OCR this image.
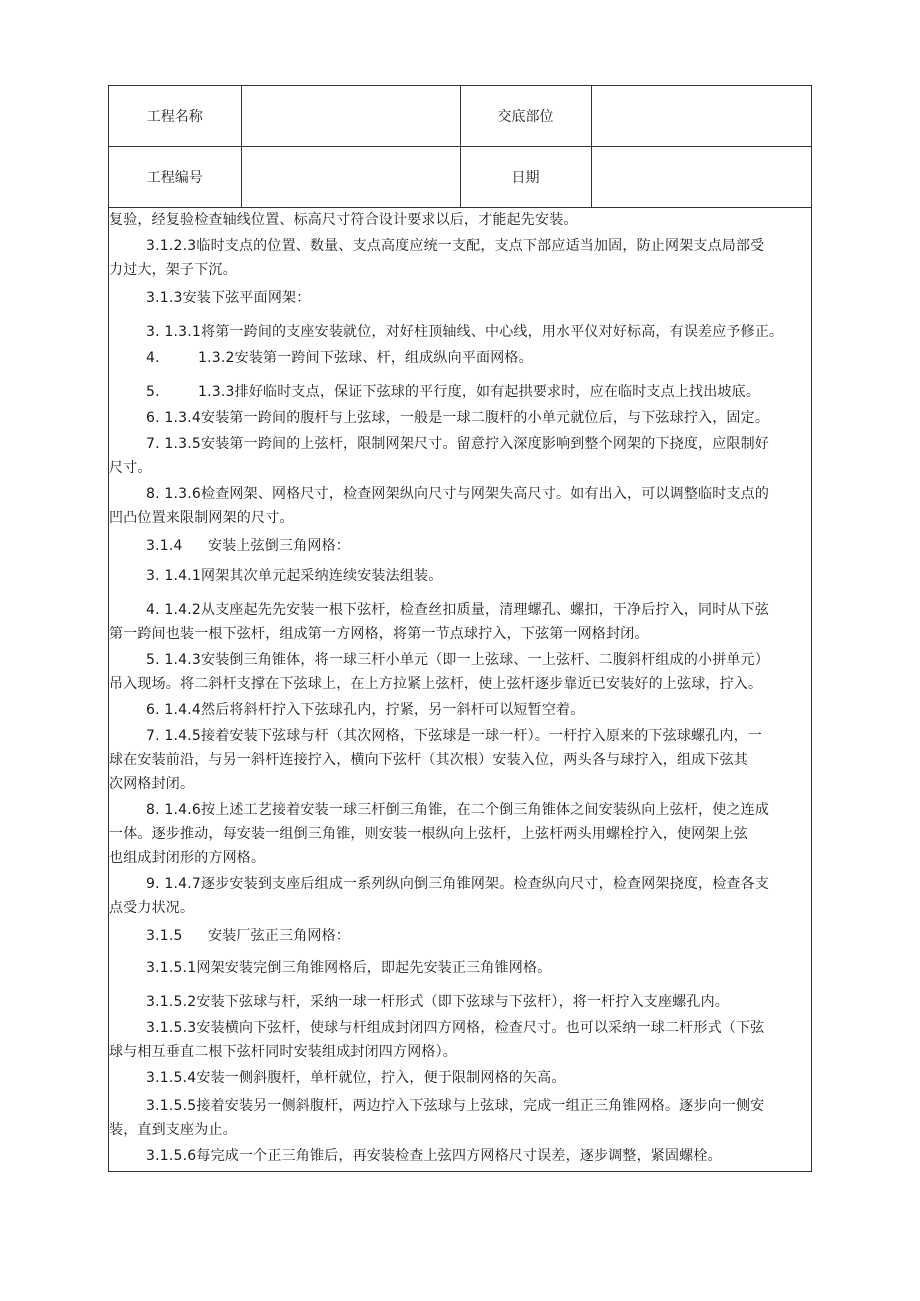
工程名称		交底部位	
工程编号		日期	
复验，经复验检查轴线位置、标高尺寸符合设计要求以后，才能起先安装。
3.1.2.3临时支点的位置、数量、支点高度应统一支配，支点下部应适当加固，防止网架支点局部受
力过大，架子下沉。
3.1.3安装下弦平面网架：
3. 1.3.1将第一跨间的支座安装就位，对好柱顶轴线、中心线，用水平仪对好标高，有误差应予修正。
4.	1.3.2安装第一跨间下弦球、杆，组成纵向平面网格。
5.	1.3.3排好临时支点，保证下弦球的平行度，如有起拱要求时，应在临时支点上找出坡底。
6. 1.3.4安装第一跨间的腹杆与上弦球，一般是一球二腹杆的小单元就位后，与下弦球拧入，固定。
7. 1.3.5安装第一跨间的上弦杆，限制网架尺寸。留意拧入深度影响到整个网架的下挠度，应限制好
尺寸。
8. 1.3.6检查网架、网格尺寸，检查网架纵向尺寸与网架失高尺寸。如有出入，可以调整临时支点的
凹凸位置来限制网架的尺寸。
3.1.4 安装上弦倒三角网格：
3. 1.4.1网架其次单元起采纳连续安装法组装。
4. 1.4.2从支座起先先安装一根下弦杆，检查丝扣质量，清理螺孔、螺扣，干净后拧入，同时从下弦
第一跨间也装一根下弦杆，组成第一方网格，将第一节点球拧入，下弦第一网格封闭。
5. 1.4.3安装倒三角锥体，将一球三杆小单元（即一上弦球、一上弦杆、二腹斜杆组成的小拼单元）
吊入现场。将二斜杆支撑在下弦球上，在上方拉紧上弦杆，使上弦杆逐步靠近已安装好的上弦球，拧入。
6. 1.4.4然后将斜杆拧入下弦球孔内，拧紧，另一斜杆可以短暂空着。
7. 1.4.5接着安装下弦球与杆（其次网格，下弦球是一球一杆）。一杆拧入原来的下弦球螺孔内，一
球在安装前沿，与另一斜杆连接拧入，横向下弦杆（其次根）安装入位，两头各与球拧入，组成下弦其
次网格封闭。
8. 1.4.6按上述工艺接着安装一球三杆倒三角锥，在二个倒三角锥体之间安装纵向上弦杆，使之连成
一体。逐步推动，每安装一组倒三角锥，则安装一根纵向上弦杆，上弦杆两头用螺栓拧入，使网架上弦
也组成封闭形的方网格。
9. 1.4.7逐步安装到支座后组成一系列纵向倒三角锥网架。检查纵向尺寸，检查网架挠度，检查各支
点受力状况。
3.1.5 安装厂弦正三角网格：
3.1.5.1网架安装完倒三角锥网格后，即起先安装正三角锥网格。
3.1.5.2安装下弦球与杆，采纳一球一杆形式（即下弦球与下弦杆），将一杆拧入支座螺孔内。
3.1.5.3安装横向下弦杆，使球与杆组成封闭四方网格，检查尺寸。也可以采纳一球二杆形式（下弦
球与相互垂直二根下弦杆同时安装组成封闭四方网格）。
3.1.5.4安装一侧斜腹杆，单杆就位，拧入，便于限制网格的矢高。
3.1.5.5接着安装另一侧斜腹杆，两边拧入下弦球与上弦球，完成一组正三角锥网格。逐步向一侧安
装，直到支座为止。
3.1.5.6每完成一个正三角锥后，再安装检查上弦四方网格尺寸误差，逐步调整，紧固螺栓。
